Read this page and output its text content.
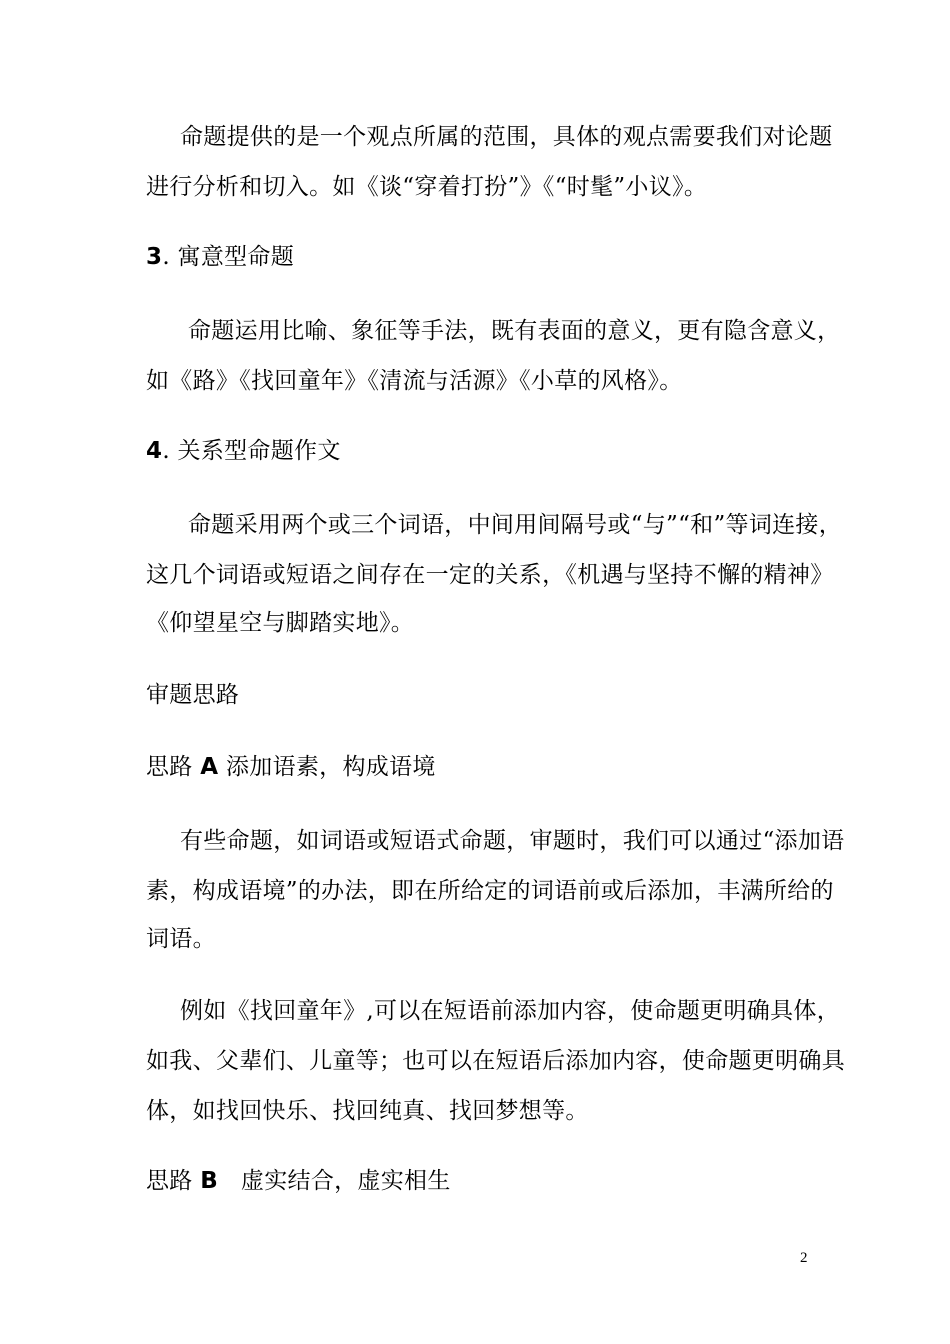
命题提供的是一个观点所属的范围，具体的观点需要我们对论题
进行分析和切入。如《谈“穿着打扮”》《“时髦”小议》。
3. 寓意型命题
命题运用比喻、象征等手法，既有表面的意义，更有隐含意义，
如《路》《找回童年》《清流与活源》《小草的风格》。
4. 关系型命题作文
命题采用两个或三个词语，中间用间隔号或“与”“和”等词连接，
这几个词语或短语之间存在一定的关系，《机遇与坚持不懈的精神》
《仰望星空与脚踏实地》。
审题思路
思路 A 添加语素，构成语境
有些命题，如词语或短语式命题，审题时，我们可以通过“添加语
素，构成语境”的办法，即在所给定的词语前或后添加，丰满所给的
词语。
例如《找回童年》,可以在短语前添加内容，使命题更明确具体，
如我、父辈们、儿童等；也可以在短语后添加内容，使命题更明确具
体，如找回快乐、找回纯真、找回梦想等。
思路 B 虚实结合，虚实相生
2
